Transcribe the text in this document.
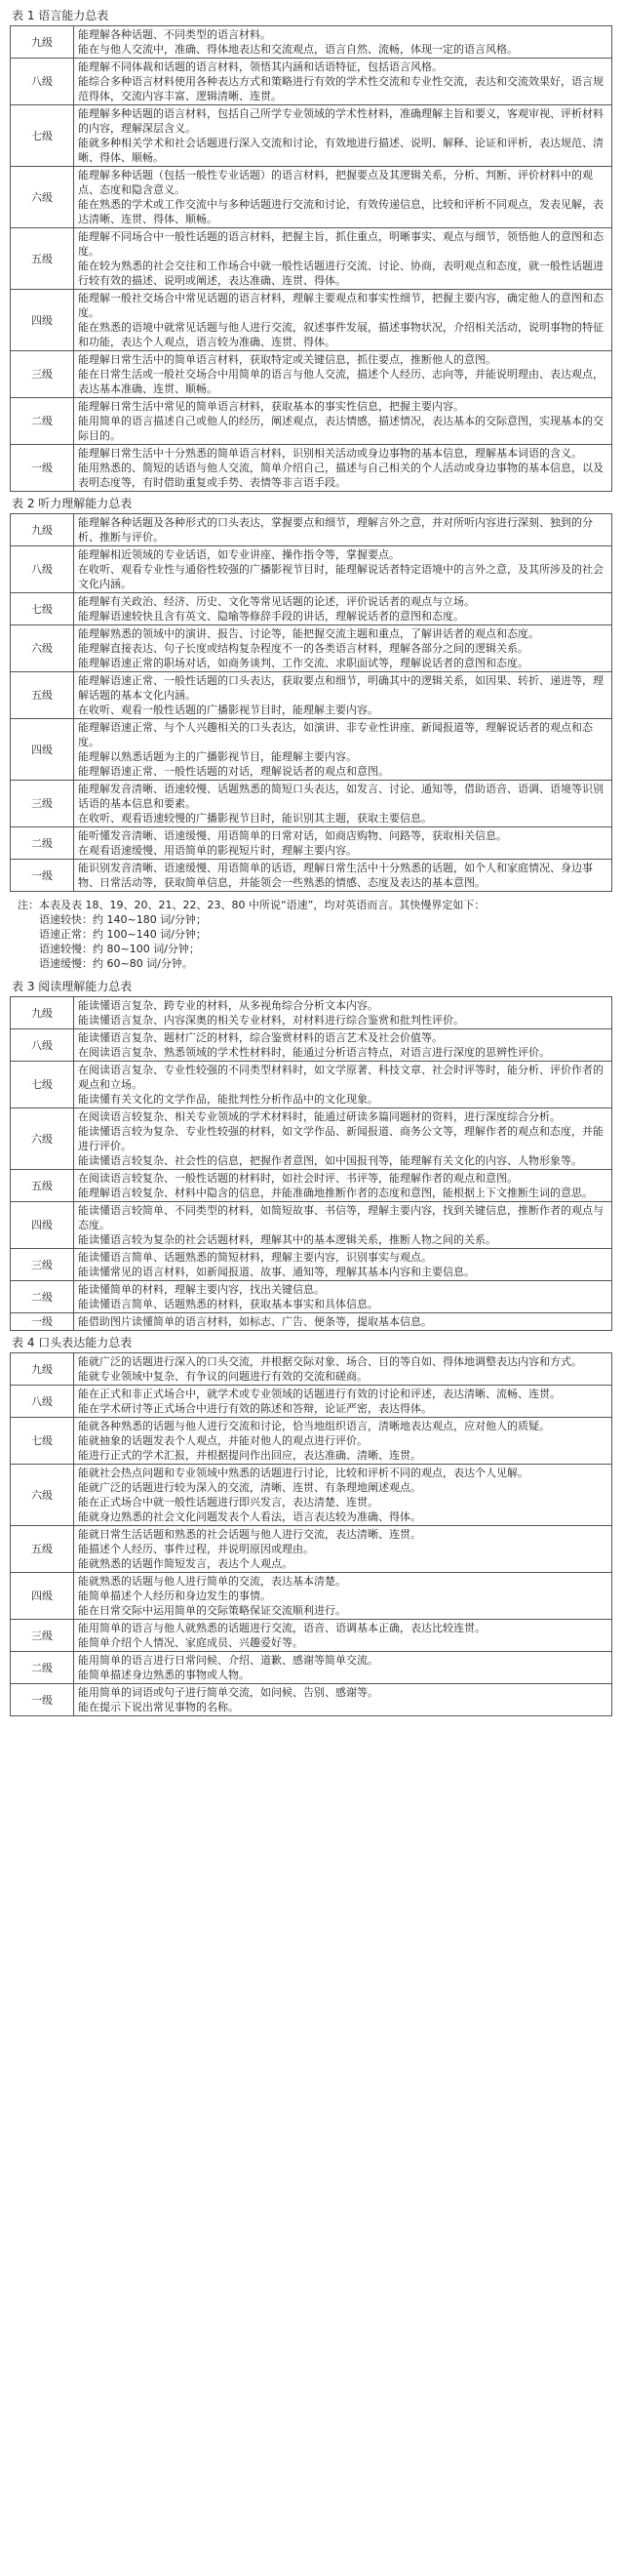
表 1 语言能力总表
九级	能理解各种话题、不同类型的语言材料。

能在与他人交流中，准确、得体地表达和交流观点，语言自然、流畅，体现一定的语言风格。

八级	能理解不同体裁和话题的语言材料，领悟其内涵和话语特征，包括语言风格。

能综合多种语言材料使用各种表达方式和策略进行有效的学术性交流和专业性交流，表达和交流效果好，语言规范得体，交流内容丰富、逻辑清晰、连贯。

七级	能理解多种话题的语言材料，包括自己所学专业领域的学术性材料，准确理解主旨和要义，客观审视、评析材料的内容，理解深层含义。

能就多种相关学术和社会话题进行深入交流和讨论，有效地进行描述、说明、解释、论证和评析，表达规范、清晰、得体、顺畅。

六级	能理解多种话题（包括一般性专业话题）的语言材料，把握要点及其逻辑关系，分析、判断、评价材料中的观点、态度和隐含意义。

能在熟悉的学术或工作交流中与多种话题进行交流和讨论，有效传递信息，比较和评析不同观点，发表见解，表达清晰、连贯、得体、顺畅。

五级	能理解不同场合中一般性话题的语言材料，把握主旨，抓住重点，明晰事实、观点与细节，领悟他人的意图和态度。

能在较为熟悉的社会交往和工作场合中就一般性话题进行交流、讨论、协商，表明观点和态度，就一般性话题进行较有效的描述、说明或阐述，表达准确、连贯、得体。

四级	能理解一般社交场合中常见话题的语言材料，理解主要观点和事实性细节，把握主要内容，确定他人的意图和态度。

能在熟悉的语境中就常见话题与他人进行交流，叙述事件发展，描述事物状况，介绍相关活动，说明事物的特征和功能，表达个人观点，语言较为准确、连贯、得体。

三级	能理解日常生活中的简单语言材料，获取特定或关键信息，抓住要点，推断他人的意图。

能在日常生活或一般社交场合中用简单的语言与他人交流，描述个人经历、志向等，并能说明理由、表达观点，表达基本准确、连贯、顺畅。

二级	能理解日常生活中常见的简单语言材料，获取基本的事实性信息，把握主要内容。

能用简单的语言描述自己或他人的经历，阐述观点，表达情感，描述情况，表达基本的交际意图，实现基本的交际目的。

一级	能理解日常生活中十分熟悉的简单语言材料，识别相关活动或身边事物的基本信息，理解基本词语的含义。

能用熟悉的、简短的话语与他人交流，简单介绍自己，描述与自己相关的个人活动或身边事物的基本信息，以及表明态度等，有时借助重复或手势、表情等非言语手段。

表 2 听力理解能力总表
九级	能理解各种话题及各种形式的口头表达，掌握要点和细节，理解言外之意，并对所听内容进行深刻、独到的分析、推断与评价。

八级	能理解相近领域的专业话语，如专业讲座、操作指令等，掌握要点。

在收听、观看专业性与通俗性较强的广播影视节目时，能理解说话者特定语境中的言外之意，及其所涉及的社会文化内涵。

七级	能理解有关政治、经济、历史、文化等常见话题的论述，评价说话者的观点与立场。

能理解语速较快且含有英文、隐喻等修辞手段的讲话，理解说话者的意图和态度。

六级	能理解熟悉的领域中的演讲、报告、讨论等，能把握交流主题和重点，了解讲话者的观点和态度。

能理解直接表达、句子长度或结构复杂程度不一的各类语言材料，理解各部分之间的逻辑关系。

能理解语速正常的职场对话，如商务谈判、工作交流、求职面试等，理解说话者的意图和态度。

五级	能理解语速正常、一般性话题的口头表达，获取要点和细节，明确其中的逻辑关系，如因果、转折、递进等，理解话题的基本文化内涵。

在收听、观看一般性话题的广播影视节目时，能理解主要内容。

四级	能理解语速正常、与个人兴趣相关的口头表达，如演讲、非专业性讲座、新闻报道等，理解说话者的观点和态度。

能理解以熟悉话题为主的广播影视节目，能理解主要内容。

能理解语速正常、一般性话题的对话，理解说话者的观点和意图。

三级	能理解发音清晰、语速较慢、话题熟悉的简短口头表达，如发言、讨论、通知等，借助语音、语调、语境等识别话语的基本信息和要素。

在收听、观看语速较慢的广播影视节目时，能识别其主题，获取主要信息。

二级	能听懂发音清晰、语速缓慢、用语简单的日常对话，如商店购物、问路等，获取相关信息。

在观看语速缓慢、用语简单的影视短片时，理解主要内容。

一级	能识别发音清晰、语速缓慢、用语简单的话语，理解日常生活中十分熟悉的话题，如个人和家庭情况、身边事物、日常活动等，获取简单信息，并能领会一些熟悉的情感、态度及表达的基本意图。

注：本表及表 18、19、20、21、22、23、80 中所说“语速”，均对英语而言。其快慢界定如下：

语速较快：约 140~180 词/分钟；

语速正常：约 100~140 词/分钟；

语速较慢：约 80~100 词/分钟；

语速缓慢：约 60~80 词/分钟。

表 3 阅读理解能力总表
九级	能读懂语言复杂、跨专业的材料，从多视角综合分析文本内容。

能读懂语言复杂、内容深奥的相关专业材料，对材料进行综合鉴赏和批判性评价。

八级	能读懂语言复杂、题材广泛的材料，综合鉴赏材料的语言艺术及社会价值等。

在阅读语言复杂、熟悉领域的学术性材料时，能通过分析语言特点，对语言进行深度的思辨性评价。

七级	在阅读语言复杂、专业性较强的不同类型材料时，如文学原著、科技文章、社会时评等时，能分析、评价作者的观点和立场。

能读懂有关文化的文学作品，能批判性分析作品中的文化现象。

六级	在阅读语言较复杂、相关专业领域的学术材料时，能通过研读多篇同题材的资料，进行深度综合分析。

能读懂语言较为复杂、专业性较强的材料，如文学作品、新闻报道、商务公文等，理解作者的观点和态度，并能进行评价。

能读懂语言较复杂、社会性的信息，把握作者意图，如中国报刊等，能理解有关文化的内容、人物形象等。

五级	在阅读语言较复杂、一般性话题的材料时，如社会时评、书评等，能理解作者的观点和意图。

能理解语言较复杂、材料中隐含的信息，并能准确地推断作者的态度和意图，能根据上下文推断生词的意思。

四级	能读懂语言较简单、不同类型的材料，如简短故事、书信等，理解主要内容，找到关键信息，推断作者的观点与态度。

能读懂语言较为复杂的社会话题材料，理解其中的基本逻辑关系，推断人物之间的关系。

三级	能读懂语言简单、话题熟悉的简短材料，理解主要内容，识别事实与观点。

能读懂常见的语言材料，如新闻报道、故事、通知等，理解其基本内容和主要信息。

二级	能读懂简单的材料，理解主要内容，找出关键信息。

能读懂语言简单、话题熟悉的材料，获取基本事实和具体信息。

一级	能借助图片读懂简单的语言材料，如标志、广告、便条等，提取基本信息。

表 4 口头表达能力总表
九级	能就广泛的话题进行深入的口头交流，并根据交际对象、场合、目的等自如、得体地调整表达内容和方式。

能就专业领域中复杂、有争议的问题进行有效的交流和磋商。

八级	能在正式和非正式场合中，就学术或专业领域的话题进行有效的讨论和评述，表达清晰、流畅、连贯。

能在学术研讨等正式场合中进行有效的陈述和答辩，论证严密，表达得体。

七级	能就各种熟悉的话题与他人进行交流和讨论，恰当地组织语言，清晰地表达观点，应对他人的质疑。

能就抽象的话题发表个人观点，并能对他人的观点进行评价。

能进行正式的学术汇报，并根据提问作出回应，表达准确、清晰、连贯。

六级	能就社会热点问题和专业领域中熟悉的话题进行讨论，比较和评析不同的观点，表达个人见解。

能就广泛的话题进行较为深入的交流，清晰、连贯、有条理地阐述观点。

能在正式场合中就一般性话题进行即兴发言，表达清楚、连贯。

能就身边熟悉的社会文化问题发表个人看法，语言表达较为准确、得体。

五级	能就日常生活话题和熟悉的社会话题与他人进行交流，表达清晰、连贯。

能描述个人经历、事件过程，并说明原因或理由。

能就熟悉的话题作简短发言，表达个人观点。

四级	能就熟悉的话题与他人进行简单的交流，表达基本清楚。

能简单描述个人经历和身边发生的事情。

能在日常交际中运用简单的交际策略保证交流顺利进行。

三级	能用简单的语言与他人就熟悉的话题进行交流，语音、语调基本正确，表达比较连贯。

能简单介绍个人情况、家庭成员、兴趣爱好等。

二级	能用简单的语言进行日常问候、介绍、道歉、感谢等简单交流。

能简单描述身边熟悉的事物或人物。

一级	能用简单的词语或句子进行简单交流，如问候、告别、感谢等。

能在提示下说出常见事物的名称。
